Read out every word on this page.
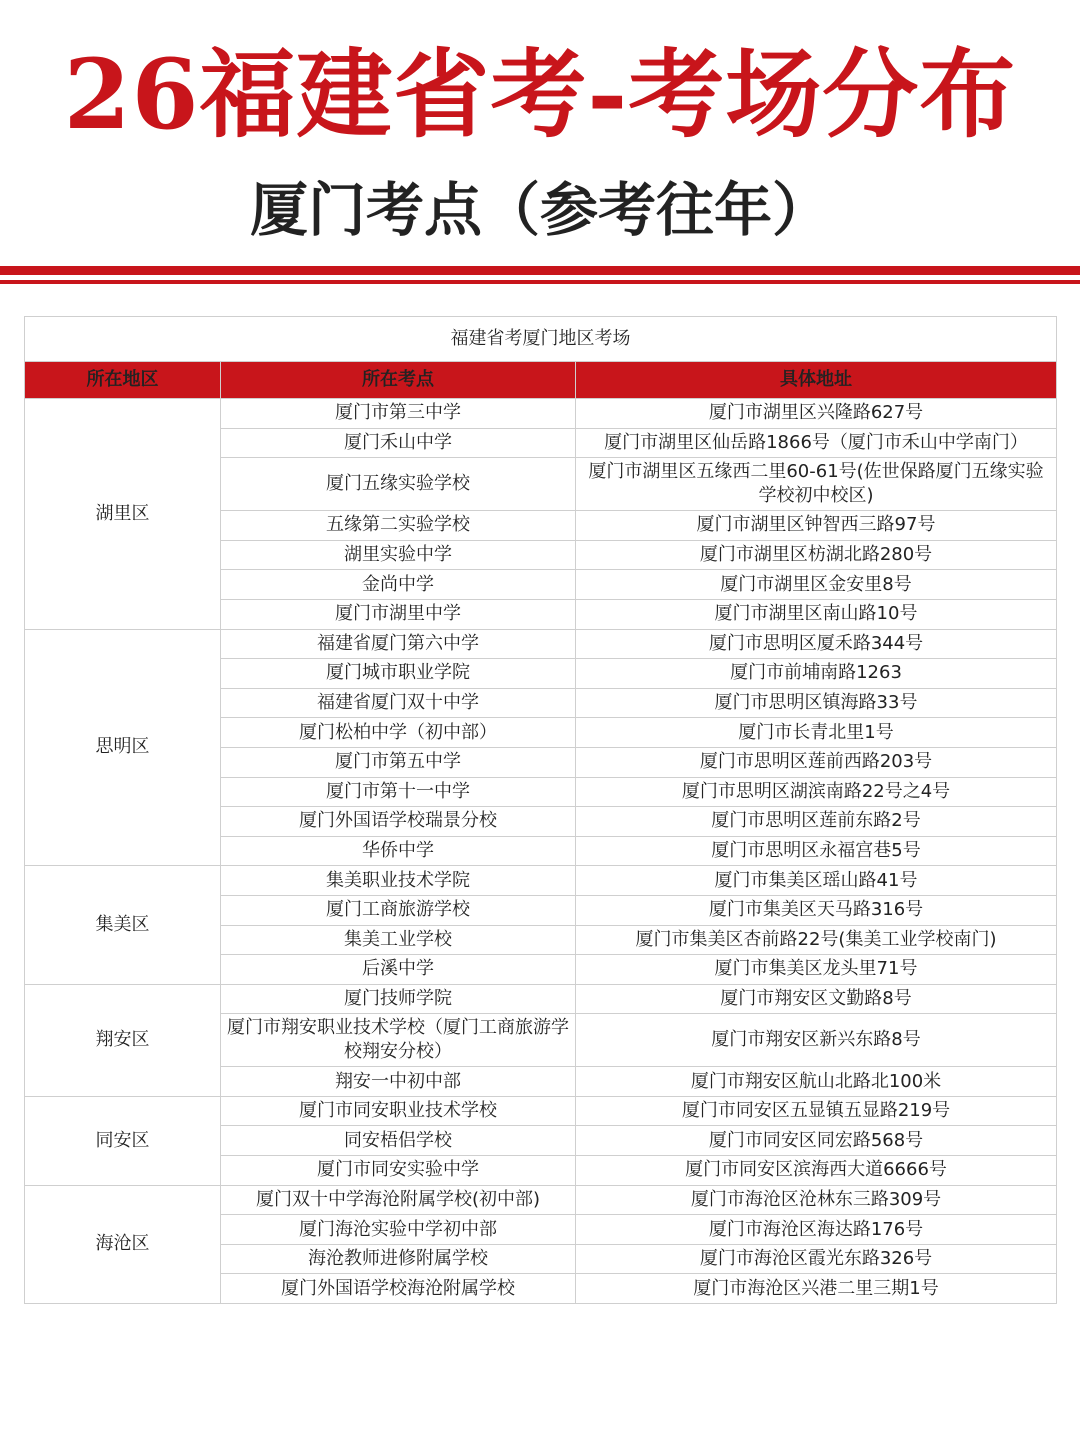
26福建省考-考场分布
厦门考点（参考往年）
福建省考厦门地区考场		
所在地区	所在考点	具体地址
湖里区	厦门市第三中学	厦门市湖里区兴隆路627号
	厦门禾山中学	厦门市湖里区仙岳路1866号（厦门市禾山中学南门）
	厦门五缘实验学校	厦门市湖里区五缘西二里60-61号(佐世保路厦门五缘实验学校初中校区)
	五缘第二实验学校	厦门市湖里区钟智西三路97号
	湖里实验中学	厦门市湖里区枋湖北路280号
	金尚中学	厦门市湖里区金安里8号
	厦门市湖里中学	厦门市湖里区南山路10号
思明区	福建省厦门第六中学	厦门市思明区厦禾路344号
	厦门城市职业学院	厦门市前埔南路1263
	福建省厦门双十中学	厦门市思明区镇海路33号
	厦门松柏中学（初中部）	厦门市长青北里1号
	厦门市第五中学	厦门市思明区莲前西路203号
	厦门市第十一中学	厦门市思明区湖滨南路22号之4号
	厦门外国语学校瑞景分校	厦门市思明区莲前东路2号
	华侨中学	厦门市思明区永福宫巷5号
集美区	集美职业技术学院	厦门市集美区瑶山路41号
	厦门工商旅游学校	厦门市集美区天马路316号
	集美工业学校	厦门市集美区杏前路22号(集美工业学校南门)
	后溪中学	厦门市集美区龙头里71号
翔安区	厦门技师学院	厦门市翔安区文勤路8号
	厦门市翔安职业技术学校（厦门工商旅游学校翔安分校）	厦门市翔安区新兴东路8号
	翔安一中初中部	厦门市翔安区航山北路北100米
同安区	厦门市同安职业技术学校	厦门市同安区五显镇五显路219号
	同安梧侣学校	厦门市同安区同宏路568号
	厦门市同安实验中学	厦门市同安区滨海西大道6666号
海沧区	厦门双十中学海沧附属学校(初中部)	厦门市海沧区沧林东三路309号
	厦门海沧实验中学初中部	厦门市海沧区海达路176号
	海沧教师进修附属学校	厦门市海沧区霞光东路326号
	厦门外国语学校海沧附属学校	厦门市海沧区兴港二里三期1号
